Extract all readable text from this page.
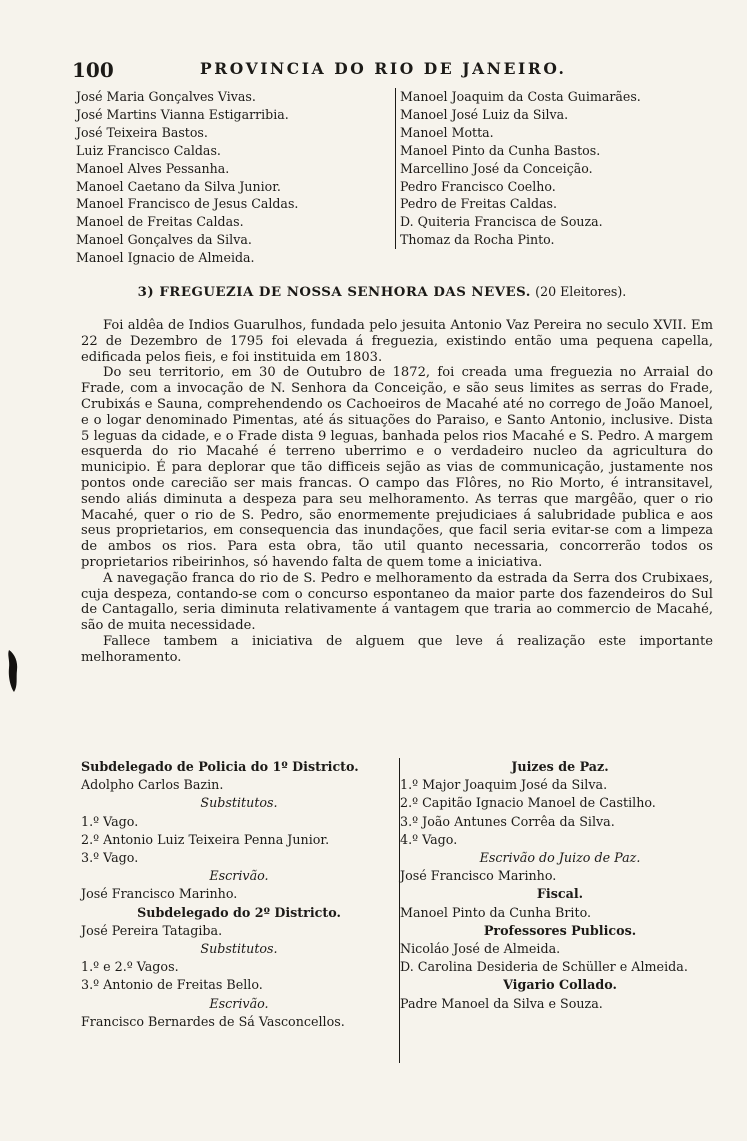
100	PROVINCIA DO RIO DE JANEIRO.
José Maria Gonçalves Vivas.
José Martins Vianna Estigarribia.
José Teixeira Bastos.
Luiz Francisco Caldas.
Manoel Alves Pessanha.
Manoel Caetano da Silva Junior.
Manoel Francisco de Jesus Caldas.
Manoel de Freitas Caldas.
Manoel Gonçalves da Silva.
Manoel Ignacio de Almeida.
Manoel Joaquim da Costa Guimarães.
Manoel José Luiz da Silva.
Manoel Motta.
Manoel Pinto da Cunha Bastos.
Marcellino José da Conceição.
Pedro Francisco Coelho.
Pedro de Freitas Caldas.
D. Quiteria Francisca de Souza.
Thomaz da Rocha Pinto.
3) FREGUEZIA DE NOSSA SENHORA DAS NEVES. (20 Eleitores).

Foi aldêa de Indios Guarulhos, fundada pelo jesuita Antonio Vaz Pereira no seculo XVII. Em 22 de Dezembro de 1795 foi elevada á freguezia, existindo então uma pequena capella, edificada pelos fieis, e foi instituida em 1803.

Do seu territorio, em 30 de Outubro de 1872, foi creada uma freguezia no Arraial do Frade, com a invocação de N. Senhora da Conceição, e são seus limites as serras do Frade, Crubixás e Sauna, comprehendendo os Cachoeiros de Macahé até no corrego de João Manoel, e o logar denominado Pimentas, até ás situações do Paraiso, e Santo Antonio, inclusive. Dista 5 leguas da cidade, e o Frade dista 9 leguas, banhada pelos rios Macahé e S. Pedro. A margem esquerda do rio Macahé é terreno uberrimo e o verdadeiro nucleo da agricultura do municipio. É para deplorar que tão difficeis sejão as vias de communicação, justamente nos pontos onde carecião ser mais francas. O campo das Flôres, no Rio Morto, é intransitavel, sendo aliás diminuta a despeza para seu melhoramento. As terras que margêão, quer o rio Macahé, quer o rio de S. Pedro, são enormemente prejudiciaes á salubridade publica e aos seus proprietarios, em consequencia das inundações, que facil seria evitar-se com a limpeza de ambos os rios. Para esta obra, tão util quanto necessaria, concorrerão todos os proprietarios ribeirinhos, só havendo falta de quem tome a iniciativa.

A navegação franca do rio de S. Pedro e melhoramento da estrada da Serra dos Crubixaes, cuja despeza, contando-se com o concurso espontaneo da maior parte dos fazendeiros do Sul de Cantagallo, seria diminuta relativamente á vantagem que traria ao commercio de Macahé, são de muita necessidade.

Fallece tambem a iniciativa de alguem que leve á realização este importante melhoramento.

Subdelegado de Policia do 1º Districto.
Adolpho Carlos Bazin.
Substitutos.
1.º Vago.
2.º Antonio Luiz Teixeira Penna Junior.
3.º Vago.
Escrivão.
José Francisco Marinho.
Subdelegado do 2º Districto.
José Pereira Tatagiba.
Substitutos.
1.º e 2.º Vagos.
3.º Antonio de Freitas Bello.
Escrivão.
Francisco Bernardes de Sá Vasconcellos.
Juizes de Paz.
1.º Major Joaquim José da Silva.
2.º Capitão Ignacio Manoel de Castilho.
3.º João Antunes Corrêa da Silva.
4.º Vago.
Escrivão do Juizo de Paz.
José Francisco Marinho.
Fiscal.
Manoel Pinto da Cunha Brito.
Professores Publicos.
Nicoláo José de Almeida.
D. Carolina Desideria de Schüller e Almeida.
Vigario Collado.
Padre Manoel da Silva e Souza.
